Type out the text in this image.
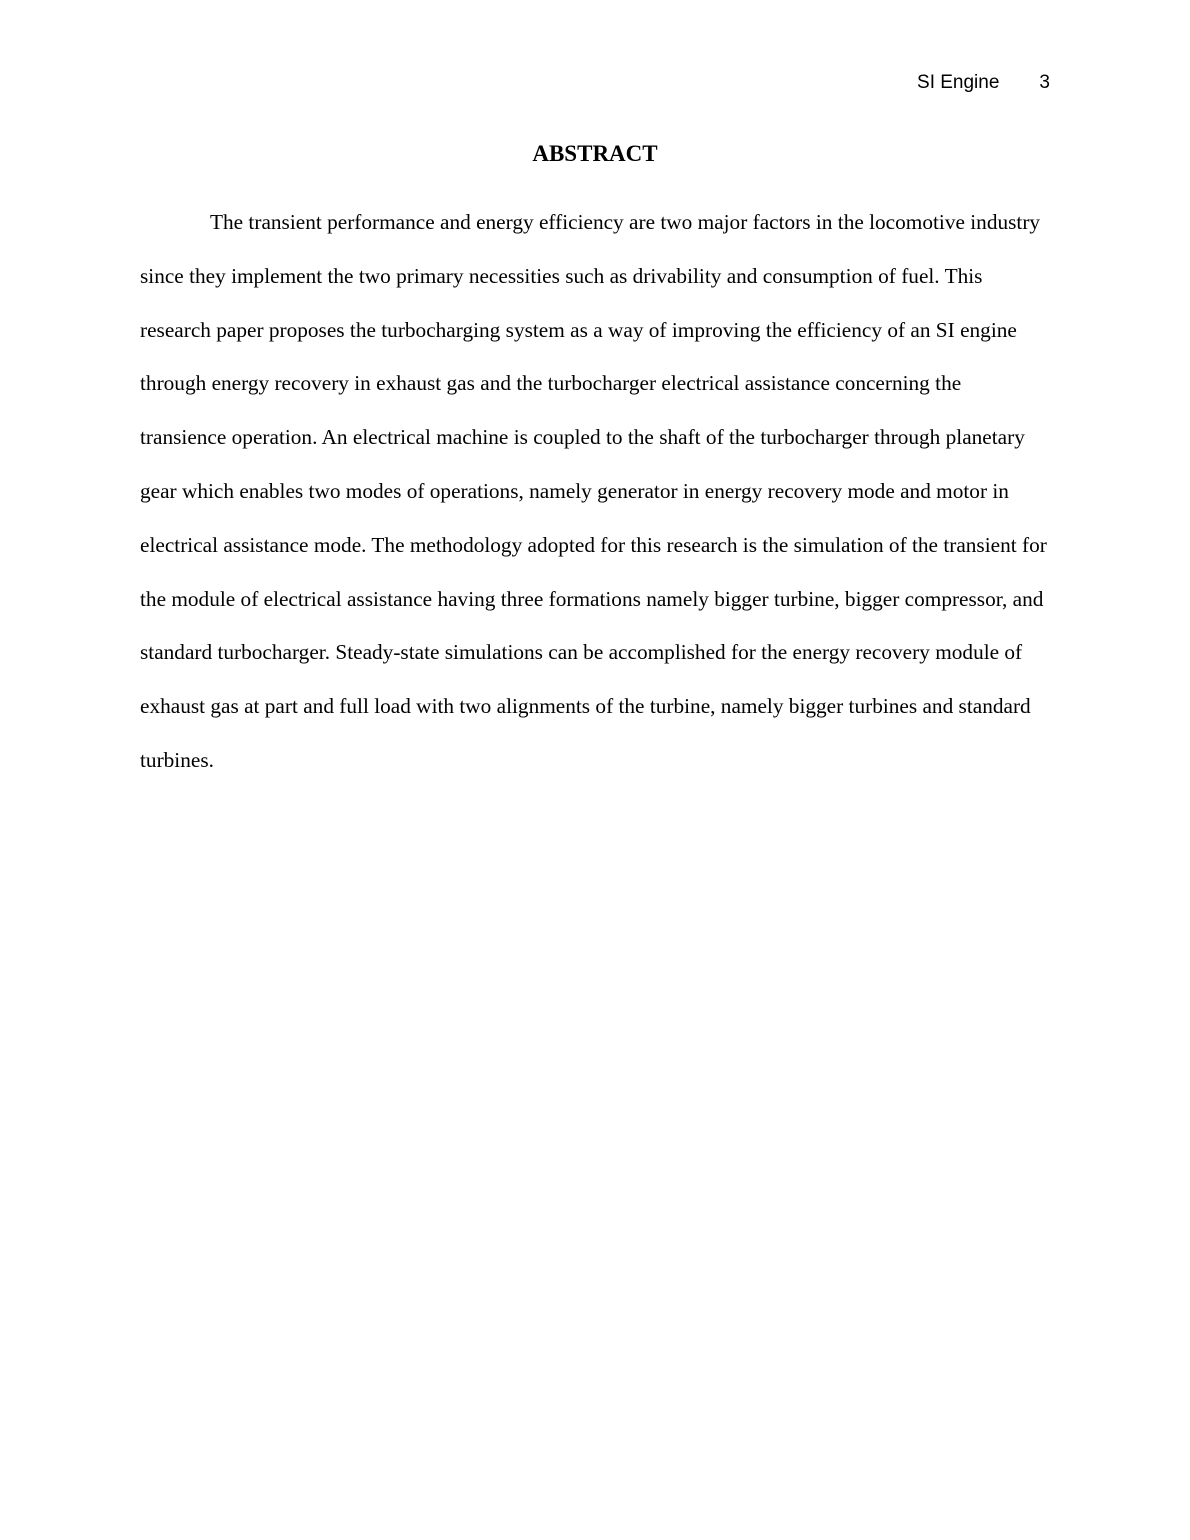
SI Engine 3
ABSTRACT

The transient performance and energy efficiency are two major factors in the locomotive industry since they implement the two primary necessities such as drivability and consumption of fuel. This research paper proposes the turbocharging system as a way of improving the efficiency of an SI engine through energy recovery in exhaust gas and the turbocharger electrical assistance concerning the transience operation. An electrical machine is coupled to the shaft of the turbocharger through planetary gear which enables two modes of operations, namely generator in energy recovery mode and motor in electrical assistance mode. The methodology adopted for this research is the simulation of the transient for the module of electrical assistance having three formations namely bigger turbine, bigger compressor, and standard turbocharger. Steady-state simulations can be accomplished for the energy recovery module of exhaust gas at part and full load with two alignments of the turbine, namely bigger turbines and standard turbines.
